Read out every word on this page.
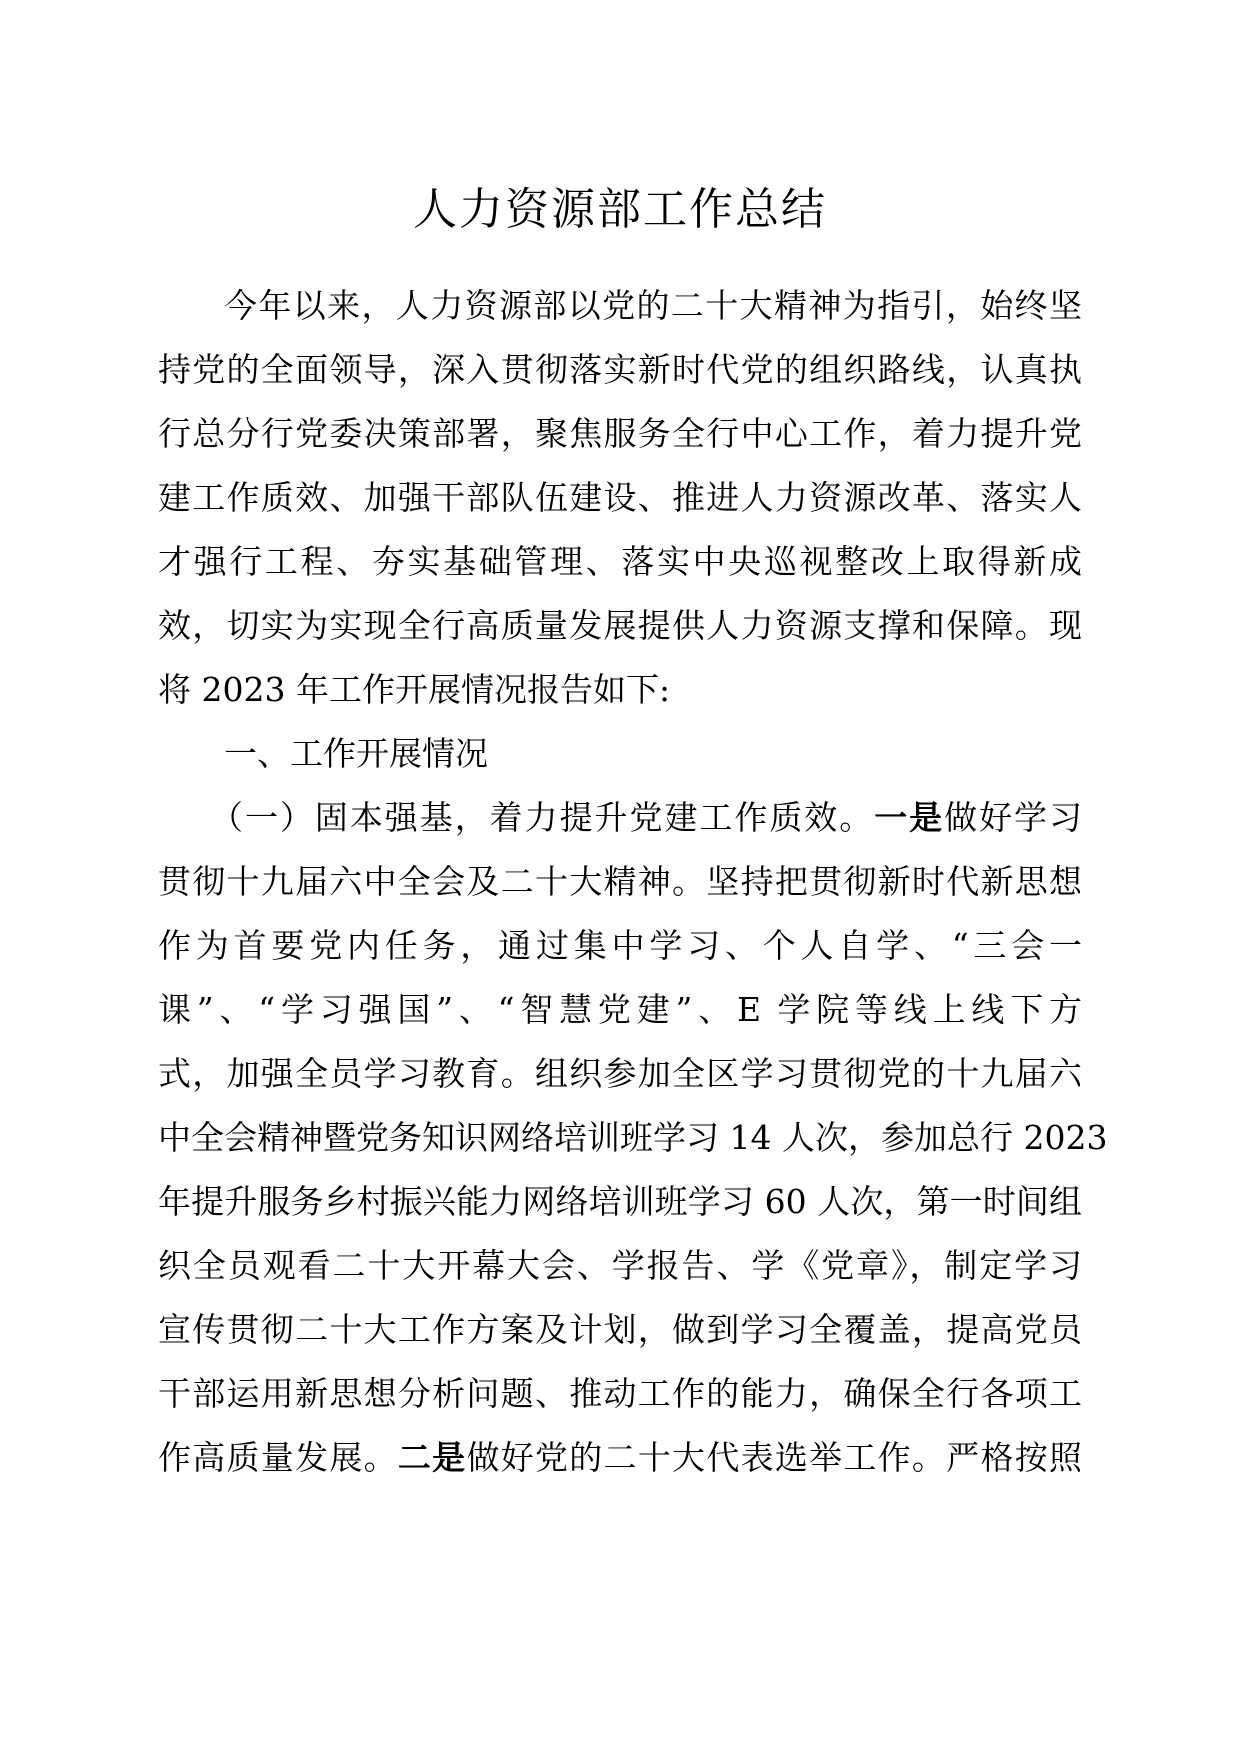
人力资源部工作总结
今年以来，人力资源部以党的二十大精神为指引，始终坚
持党的全面领导，深入贯彻落实新时代党的组织路线，认真执
行总分行党委决策部署，聚焦服务全行中心工作，着力提升党
建工作质效、加强干部队伍建设、推进人力资源改革、落实人
才强行工程、夯实基础管理、落实中央巡视整改上取得新成
效，切实为实现全行高质量发展提供人力资源支撑和保障。现
将 2023 年工作开展情况报告如下:
一、工作开展情况
（一）固本强基，着力提升党建工作质效。一是做好学习
贯彻十九届六中全会及二十大精神。坚持把贯彻新时代新思想
作为首要党内任务，通过集中学习、个人自学、“三会一
课”、“学习强国”、“智慧党建”、E 学院等线上线下方
式，加强全员学习教育。组织参加全区学习贯彻党的十九届六
中全会精神暨党务知识网络培训班学习 14 人次，参加总行 2023
年提升服务乡村振兴能力网络培训班学习 60 人次，第一时间组
织全员观看二十大开幕大会、学报告、学《党章》，制定学习
宣传贯彻二十大工作方案及计划，做到学习全覆盖，提高党员
干部运用新思想分析问题、推动工作的能力，确保全行各项工
作高质量发展。二是做好党的二十大代表选举工作。严格按照
